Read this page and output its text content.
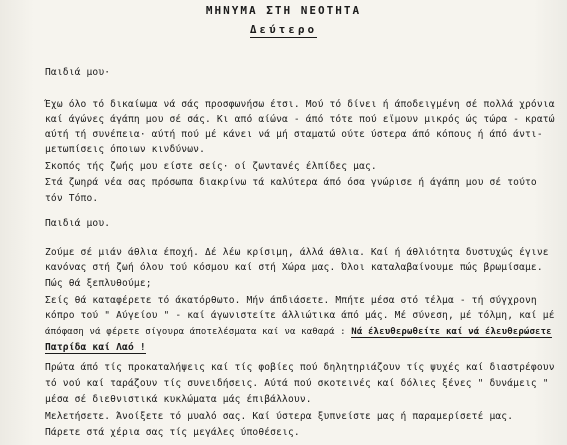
ΜΗΝΥΜΑ ΣΤΗ ΝΕΟΤΗΤΑ
Δεύτερο
Παιδιά μου·
Έχω όλο τό δικαίωμα νά σάς προσφωνήσω έτσι. Μού τό δίνει ή άποδειγμένη σέ πολλά χρόνια
καί άγώνες άγάπη μου σέ σάς. Κι από αίώνα - άπό τότε πού εϊμουν μικρός ώς τώρα - κρατώ
αύτή τή συνέπεια· αύτή πού μέ κάνει νά μή σταματώ ούτε ύστερα άπό κόπους ή άπό άντι-
μετωπίσεις όποιων κινδύνων.
Σκοπός τής ζωής μου είστε σείς· οί ζωντανές έλπίδες μας.
Στά ζωηρά νέα σας πρόσωπα διακρίνω τά καλύτερα άπό όσα γνώρισε ή άγάπη μου σέ τούτο
τόν Τόπο.
Παιδιά μου.
Ζούμε σέ μιάν άθλια έποχή. Δέ λέω κρίσιμη, άλλά άθλια. Καί ή άθλιότητα δυστυχώς έγινε
κανόνας στή ζωή όλου τού κόσμου καί στή Χώρα μας. Όλοι καταλαβαίνουμε πώς βρωμίσαμε.
Πώς θά ξεπλυθούμε;
Σείς θά καταφέρετε τό άκατόρθωτο. Μήν άπδιάσετε. Μπήτε μέσα στό τέλμα - τή σύγχρονη
κόπρο τού " Αύγείου " - καί άγωνιστείτε άλλιώτικα άπό μάς. Μέ σύνεση, μέ τόλμη, καί μέ
άπόφαση νά φέρετε σίγουρα άποτελέσματα καί να καθαρά : Νά έλευθερωθείτε καί νά έλευθερώσετε
Πατρίδα καί Λαό !
Πρώτα άπό τίς προκαταλήψεις καί τίς φοβίες πού δηλητηριάζουν τίς ψυχές καί διαστρέφουν
τό νού καί ταράζουν τίς συνειδήσεις. Αύτά πού σκοτεινές καί δόλιες ξένες " δυνάμεις "
μέσα σέ διεθνιστικά κυκλώματα μάς έπιβάλλουν.
Μελετήσετε. Άνοίξετε τό μυαλό σας. Καί ύστερα ξυπνείστε μας ή παραμερίσετέ μας.
Πάρετε στά χέρια σας τίς μεγάλες ύποθέσεις.
